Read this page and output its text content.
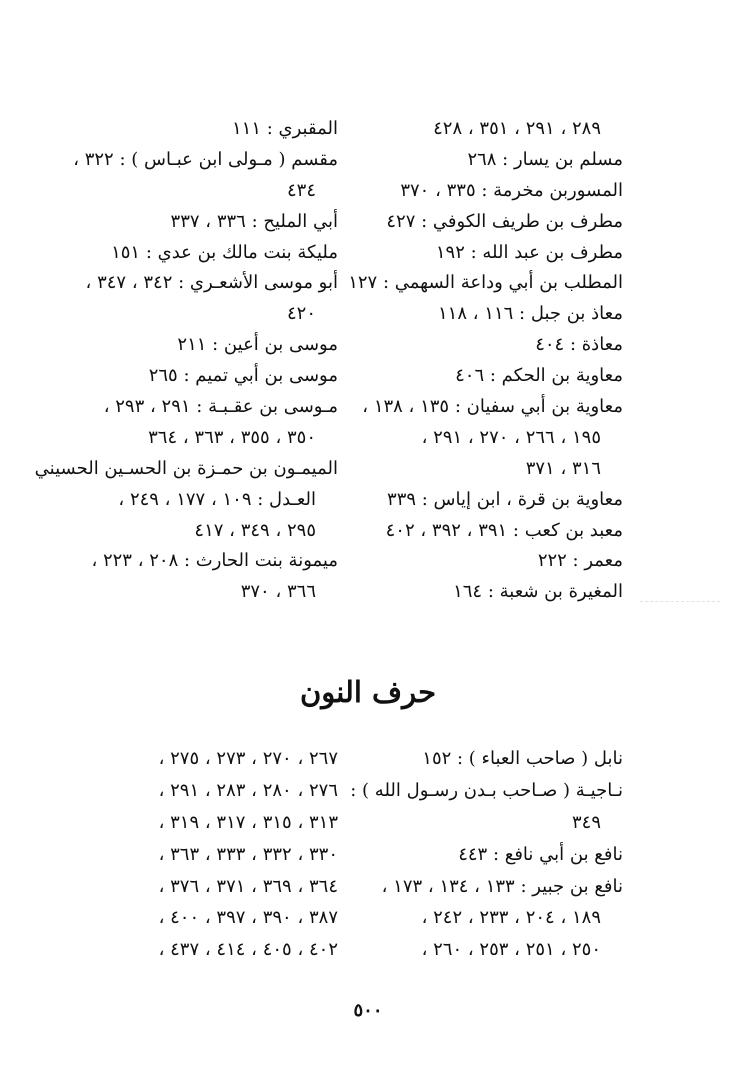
٢٨٩ ، ٢٩١ ، ٣٥١ ، ٤٢٨
مسلم بن يسار : ٢٦٨
المسوربن مخرمة : ٣٣٥ ، ٣٧٠
مطرف بن طريف الكوفي : ٤٢٧
مطرف بن عبد الله : ١٩٢
المطلب بن أبي وداعة السهمي : ١٢٧
معاذ بن جبل : ١١٦ ، ١١٨
معاذة : ٤٠٤
معاوية بن الحكم : ٤٠٦
معاوية بن أبي سفيان : ١٣٥ ، ١٣٨ ،
١٩٥ ، ٢٦٦ ، ٢٧٠ ، ٢٩١ ،
٣١٦ ، ٣٧١
معاوية بن قرة ، ابن إياس : ٣٣٩
معبد بن كعب : ٣٩١ ، ٣٩٢ ، ٤٠٢
معمر : ٢٢٢
المغيرة بن شعبة : ١٦٤
المقبري : ١١١
مقسم ( مـولى ابن عبـاس ) : ٣٢٢ ،
٤٣٤
أبي المليح : ٣٣٦ ، ٣٣٧
مليكة بنت مالك بن عدي : ١٥١
أبو موسى الأشعـري : ٣٤٢ ، ٣٤٧ ،
٤٢٠
موسى بن أعين : ٢١١
موسى بن أبي تميم : ٢٦٥
مـوسى بن عقـبـة : ٢٩١ ، ٢٩٣ ،
٣٥٠ ، ٣٥٥ ، ٣٦٣ ، ٣٦٤
الميمـون بن حمـزة بن الحسـين الحسيني
العـدل : ١٠٩ ، ١٧٧ ، ٢٤٩ ،
٢٩٥ ، ٣٤٩ ، ٤١٧
ميمونة بنت الحارث : ٢٠٨ ، ٢٢٣ ،
٣٦٦ ، ٣٧٠
حرف النون
نابل ( صاحب العباء ) : ١٥٢
نـاجيـة ( صـاحب بـدن رسـول الله ) :
٣٤٩
نافع بن أبي نافع : ٤٤٣
نافع بن جبير : ١٣٣ ، ١٣٤ ، ١٧٣ ،
١٨٩ ، ٢٠٤ ، ٢٣٣ ، ٢٤٢ ،
٢٥٠ ، ٢٥١ ، ٢٥٣ ، ٢٦٠ ،
٢٦٧ ، ٢٧٠ ، ٢٧٣ ، ٢٧٥ ،
٢٧٦ ، ٢٨٠ ، ٢٨٣ ، ٢٩١ ،
٣١٣ ، ٣١٥ ، ٣١٧ ، ٣١٩ ،
٣٣٠ ، ٣٣٢ ، ٣٣٣ ، ٣٦٣ ،
٣٦٤ ، ٣٦٩ ، ٣٧١ ، ٣٧٦ ،
٣٨٧ ، ٣٩٠ ، ٣٩٧ ، ٤٠٠ ،
٤٠٢ ، ٤٠٥ ، ٤١٤ ، ٤٣٧ ،
٥٠٠
